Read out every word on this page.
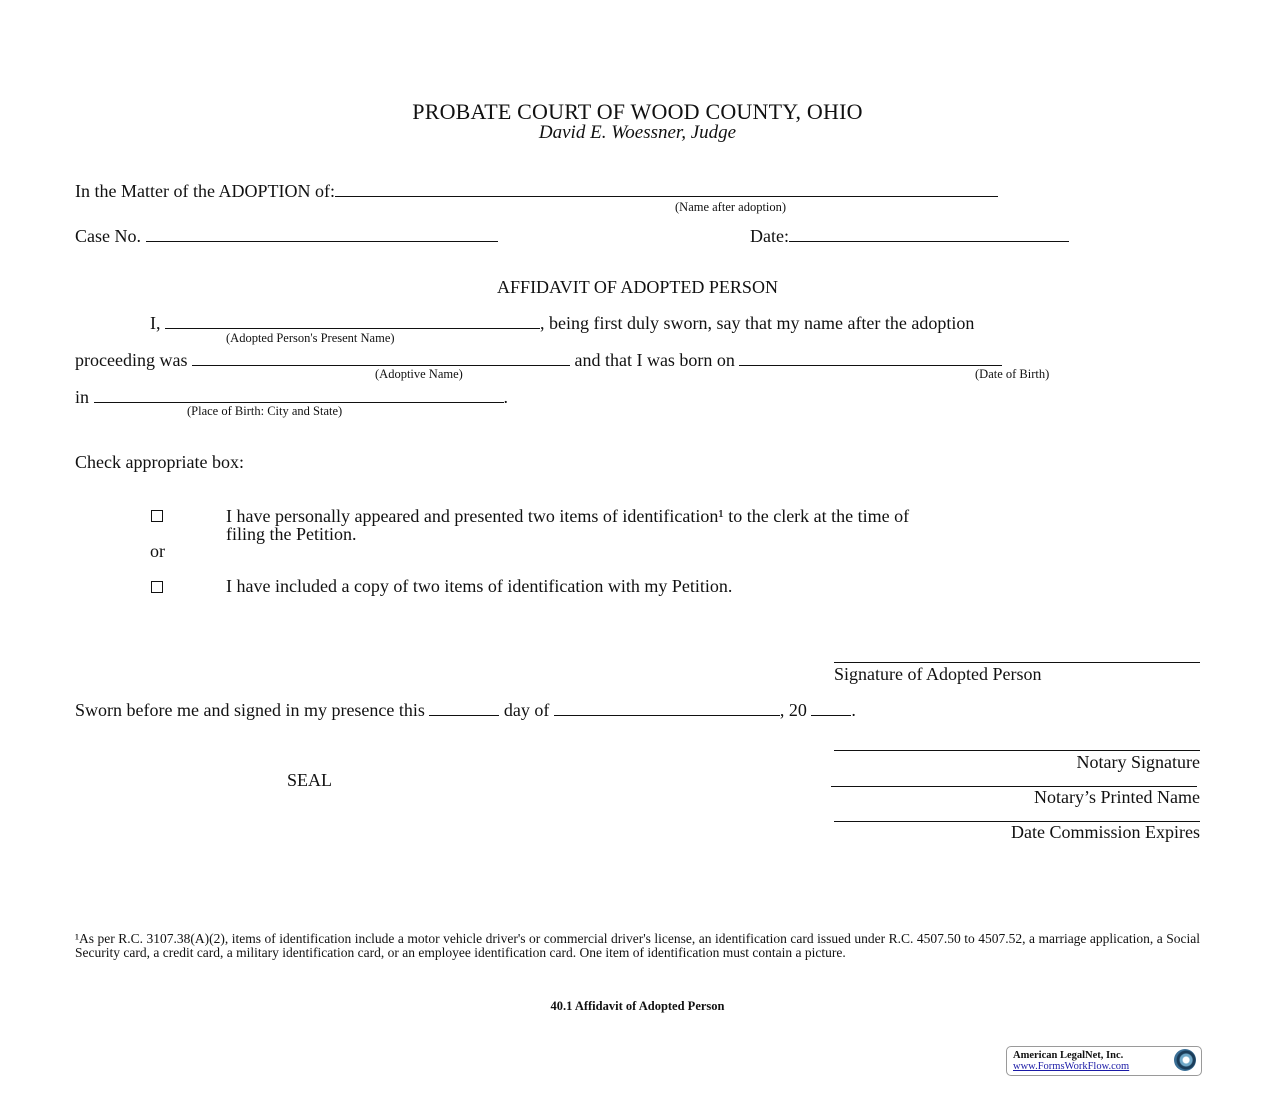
PROBATE COURT OF WOOD COUNTY, OHIO
David E. Woessner, Judge
In the Matter of the ADOPTION of:
(Name after adoption)
Case No.	Date:
AFFIDAVIT OF ADOPTED PERSON
I,	, being first duly sworn, say that my name after the adoption
(Adopted Person's Present Name)
proceeding was	and that I was born on
(Adoptive Name)	(Date of Birth)
in	.
(Place of Birth: City and State)
Check appropriate box:
I have personally appeared and presented two items of identification¹ to the clerk at the time of
filing the Petition.
or
I have included a copy of two items of identification with my Petition.
Signature of Adopted Person
Sworn before me and signed in my presence this	day of	, 20 .
Notary Signature
SEAL
Notary’s Printed Name
Date Commission Expires
¹As per R.C. 3107.38(A)(2), items of identification include a motor vehicle driver's or commercial driver's license, an identification card issued under R.C. 4507.50 to 4507.52, a marriage application, a Social Security card, a credit card, a military identification card, or an employee identification card. One item of identification must contain a picture.
40.1 Affidavit of Adopted Person
American LegalNet, Inc.
www.FormsWorkFlow.com
